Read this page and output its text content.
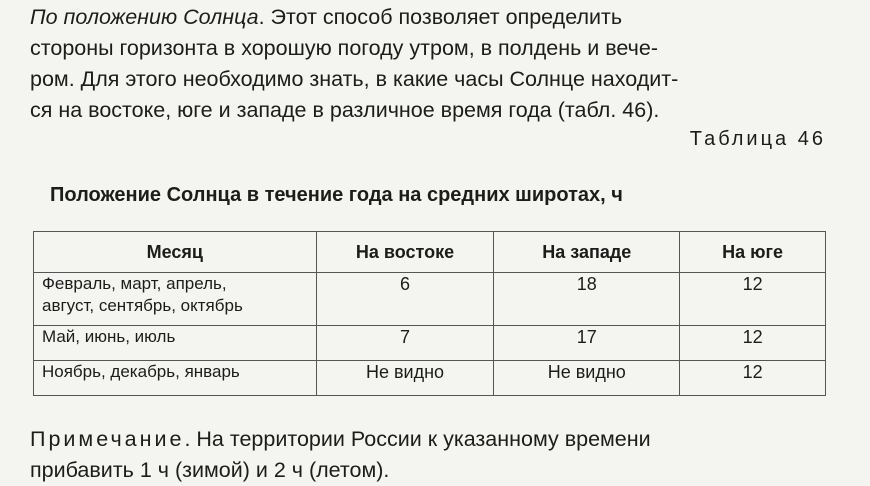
По положению Солнца. Этот способ позволяет определить
стороны горизонта в хорошую погоду утром, в полдень и вече-
ром. Для этого необходимо знать, в какие часы Солнце находит-
ся на востоке, юге и западе в различное время года (табл. 46).

Таблица 46
Положение Солнца в течение года на средних широтах, ч
Месяц	На востоке	На западе	На юге

Февраль, март, апрель,
август, сентябрь, октябрь	6	18	12

Май, июнь, июль	7	17	12

Ноябрь, декабрь, январь	Не видно	Не видно	12

Примечание. На территории России к указанному времени
прибавить 1 ч (зимой) и 2 ч (летом).
